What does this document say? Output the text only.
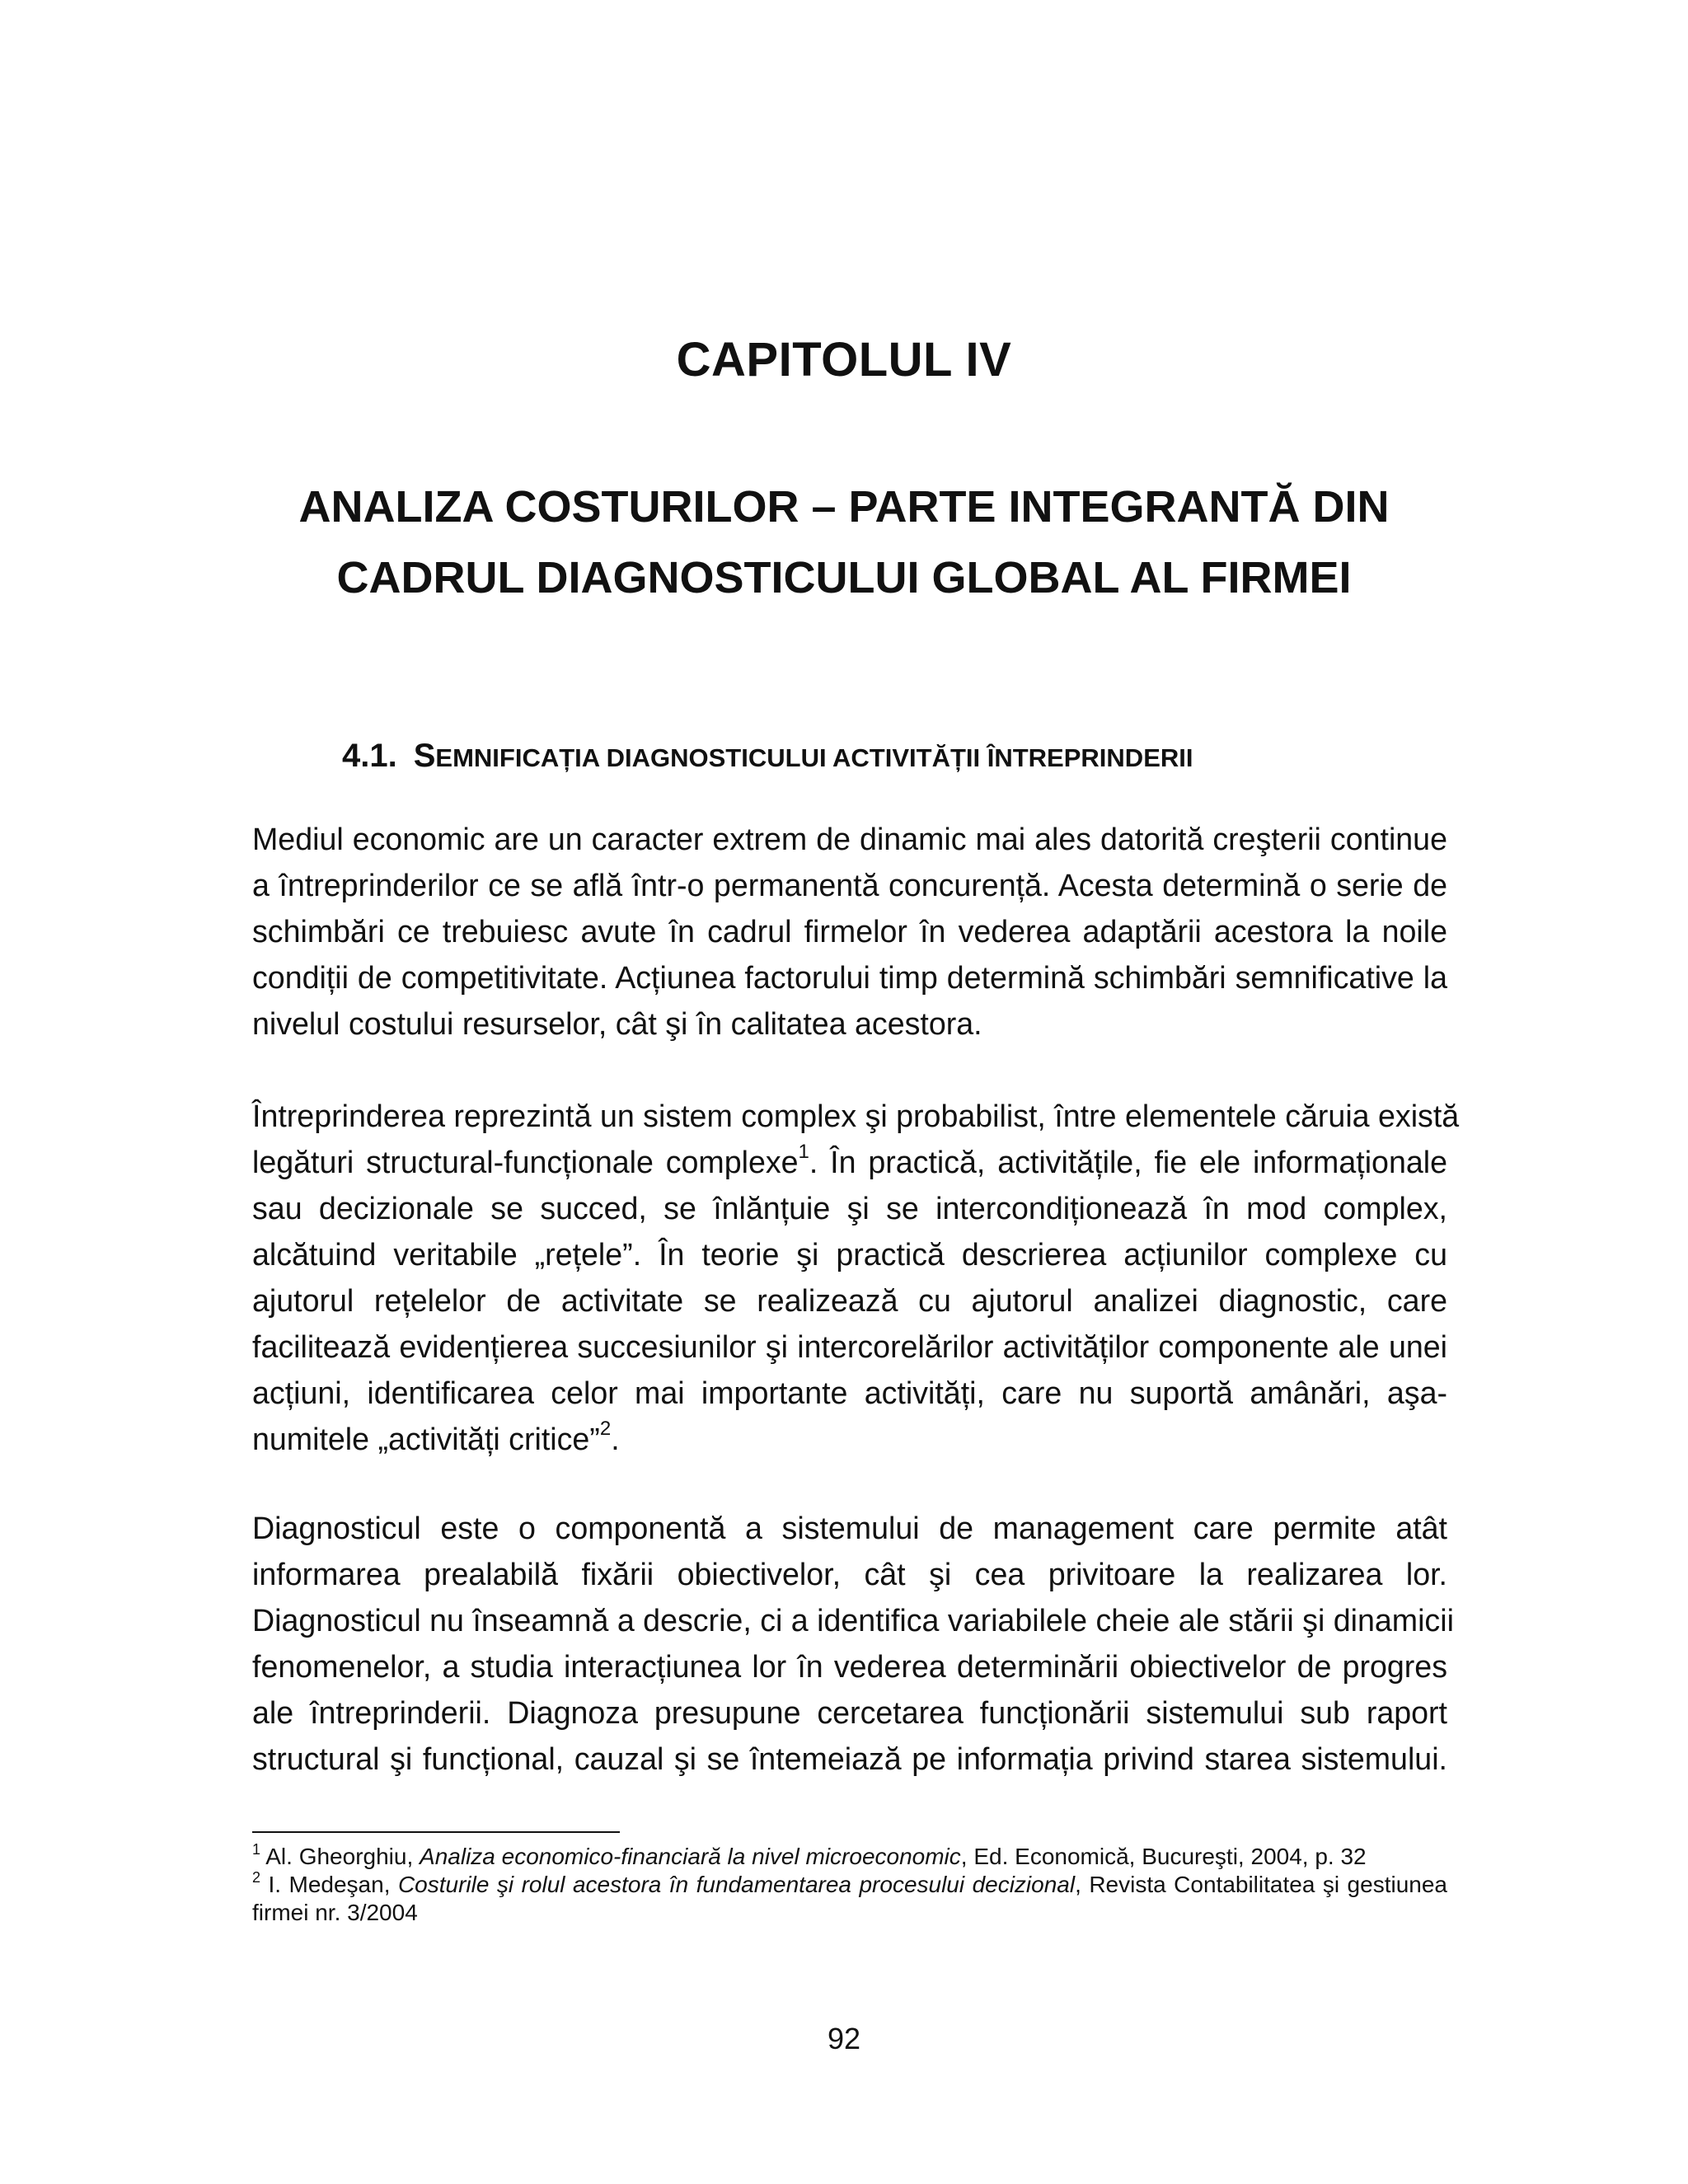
CAPITOLUL IV
ANALIZA COSTURILOR – PARTE INTEGRANTĂ DIN
CADRUL DIAGNOSTICULUI GLOBAL AL FIRMEI
4.1. SEMNIFICAȚIA DIAGNOSTICULUI ACTIVITĂȚII ÎNTREPRINDERII
Mediul economic are un caracter extrem de dinamic mai ales datorită creşterii continue
a întreprinderilor ce se află într-o permanentă concurență. Acesta determină o serie de
schimbări ce trebuiesc avute în cadrul firmelor în vederea adaptării acestora la noile
condiții de competitivitate. Acțiunea factorului timp determină schimbări semnificative la
nivelul costului resurselor, cât şi în calitatea acestora.
Întreprinderea reprezintă un sistem complex şi probabilist, între elementele căruia există
legături structural-funcționale complexe$^1$. În practică, activitățile, fie ele informaționale
sau decizionale se succed, se înlănțuie şi se intercondiționează în mod complex,
alcătuind veritabile „rețele”. În teorie şi practică descrierea acțiunilor complexe cu
ajutorul rețelelor de activitate se realizează cu ajutorul analizei diagnostic, care
facilitează evidențierea succesiunilor şi intercorelărilor activităților componente ale unei
acțiuni, identificarea celor mai importante activități, care nu suportă amânări, aşa-
numitele „activități critice”$^2$.
Diagnosticul este o componentă a sistemului de management care permite atât
informarea prealabilă fixării obiectivelor, cât şi cea privitoare la realizarea lor.
Diagnosticul nu înseamnă a descrie, ci a identifica variabilele cheie ale stării şi dinamicii
fenomenelor, a studia interacțiunea lor în vederea determinării obiectivelor de progres
ale întreprinderii. Diagnoza presupune cercetarea funcționării sistemului sub raport
structural şi funcțional, cauzal şi se întemeiază pe informația privind starea sistemului.
$^1$ Al. Gheorghiu, Analiza economico-financiară la nivel microeconomic, Ed. Economică, Bucureşti, 2004, p. 32
$^2$ I. Medeşan, Costurile şi rolul acestora în fundamentarea procesului decizional, Revista Contabilitatea şi gestiunea firmei nr. 3/2004
92
